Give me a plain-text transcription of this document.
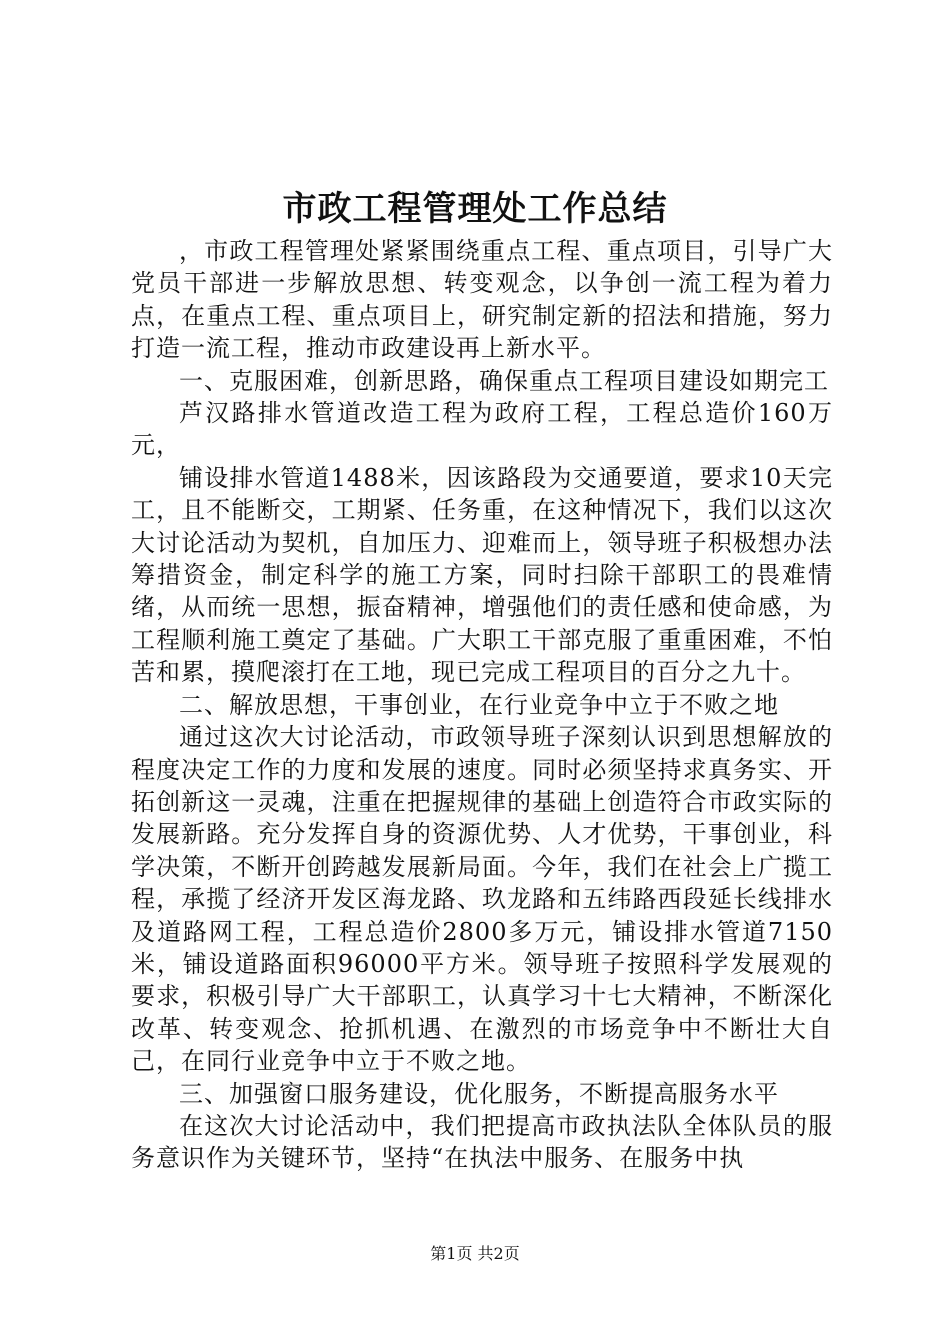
市政工程管理处工作总结

，市政工程管理处紧紧围绕重点工程、重点项目，引导广大党员干部进一步解放思想、转变观念，以争创一流工程为着力点，在重点工程、重点项目上，研究制定新的招法和措施，努力打造一流工程，推动市政建设再上新水平。

一、克服困难，创新思路，确保重点工程项目建设如期完工

芦汉路排水管道改造工程为政府工程，工程总造价160万元，

铺设排水管道1488米，因该路段为交通要道，要求10天完工，且不能断交，工期紧、任务重，在这种情况下，我们以这次大讨论活动为契机，自加压力、迎难而上，领导班子积极想办法筹措资金，制定科学的施工方案，同时扫除干部职工的畏难情绪，从而统一思想，振奋精神，增强他们的责任感和使命感，为工程顺利施工奠定了基础。广大职工干部克服了重重困难，不怕苦和累，摸爬滚打在工地，现已完成工程项目的百分之九十。

二、解放思想，干事创业，在行业竞争中立于不败之地

通过这次大讨论活动，市政领导班子深刻认识到思想解放的程度决定工作的力度和发展的速度。同时必须坚持求真务实、开拓创新这一灵魂，注重在把握规律的基础上创造符合市政实际的发展新路。充分发挥自身的资源优势、人才优势，干事创业，科学决策，不断开创跨越发展新局面。今年，我们在社会上广揽工程，承揽了经济开发区海龙路、玖龙路和五纬路西段延长线排水及道路网工程，工程总造价2800多万元，铺设排水管道7150米，铺设道路面积96000平方米。领导班子按照科学发展观的要求，积极引导广大干部职工，认真学习十七大精神，不断深化改革、转变观念、抢抓机遇、在激烈的市场竞争中不断壮大自己，在同行业竞争中立于不败之地。

三、加强窗口服务建设，优化服务，不断提高服务水平

在这次大讨论活动中，我们把提高市政执法队全体队员的服务意识作为关键环节，坚持“在执法中服务、在服务中执

第1页 共2页
